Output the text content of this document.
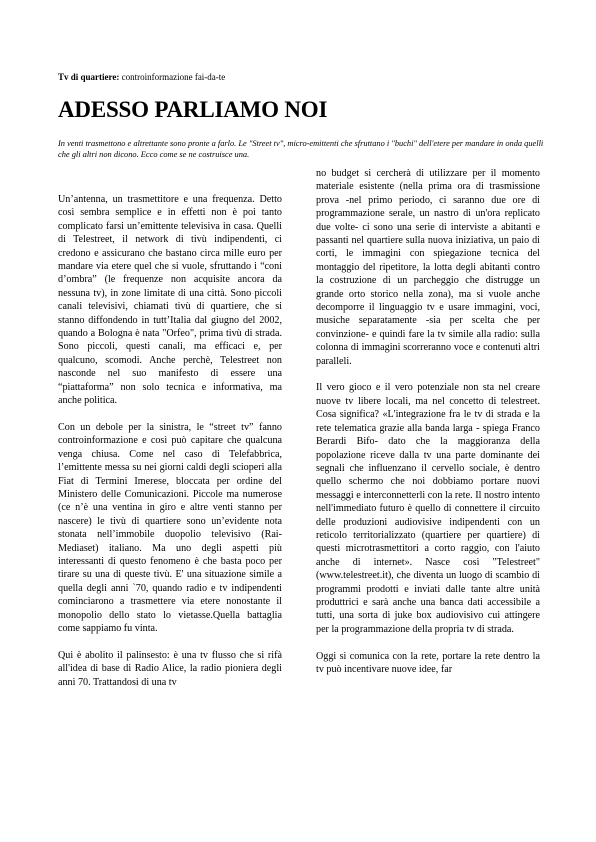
Tv di quartiere: controinformazione fai-da-te
ADESSO PARLIAMO NOI

In venti trasmettono e altrettante sono pronte a farlo. Le "Street tv", micro-emittenti che sfruttano i "buchi" dell'etere per mandare in onda quelli che gli altri non dicono. Ecco come se ne costruisce una.

Un’antenna, un trasmettitore e una frequenza. Detto così sembra semplice e in effetti non è poi tanto complicato farsi un’emittente televisiva in casa. Quelli di Telestreet, il network di tivù indipendenti, ci credono e assicurano che bastano circa mille euro per mandare via etere quel che si vuole, sfruttando i “coni d’ombra” (le frequenze non acquisite ancora da nessuna tv), in zone limitate di una città. Sono piccoli canali televisivi, chiamati tivù di quartiere, che si stanno diffondendo in tutt’Italia dal giugno del 2002, quando a Bologna è nata "Orfeo", prima tivù di strada. Sono piccoli, questi canali, ma efficaci e, per qualcuno, scomodi. Anche perchè, Telestreet non nasconde nel suo manifesto di essere una “piattaforma” non solo tecnica e informativa, ma anche politica.

Con un debole per la sinistra, le “street tv” fanno controinformazione e così può capitare che qualcuna venga chiusa. Come nel caso di Telefabbrica, l’emittente messa su nei giorni caldi degli scioperi alla Fiat di Termini Imerese, bloccata per ordine del Ministero delle Comunicazioni. Piccole ma numerose (ce n’è una ventina in giro e altre venti stanno per nascere) le tivù di quartiere sono un’evidente nota stonata nell’immobile duopolio televisivo (Rai-Mediaset) italiano. Ma uno degli aspetti più interessanti di questo fenomeno è che basta poco per tirare su una di queste tivù. E' una situazione simile a quella degli anni `70, quando radio e tv indipendenti cominciarono a trasmettere via etere nonostante il monopolio dello stato lo vietasse.Quella battaglia come sappiamo fu vinta.

Qui è abolito il palinsesto: è una tv flusso che si rifà all'idea di base di Radio Alice, la radio pioniera degli anni 70. Trattandosi di una tv

no budget si cercherà di utilizzare per il momento materiale esistente (nella prima ora di trasmissione prova -nel primo periodo, ci saranno due ore di programmazione serale, un nastro di un'ora replicato due volte- ci sono una serie di interviste a abitanti e passanti nel quartiere sulla nuova iniziativa, un paio di corti, le immagini con spiegazione tecnica del montaggio del ripetitore, la lotta degli abitanti contro la costruzione di un parcheggio che distrugge un grande orto storico nella zona), ma si vuole anche decomporre il linguaggio tv e usare immagini, voci, musiche separatamente -sia per scelta che per convinzione- e quindi fare la tv simile alla radio: sulla colonna di immagini scorreranno voce e contenuti altri paralleli.

Il vero gioco e il vero potenziale non sta nel creare nuove tv libere locali, ma nel concetto di telestreet. Cosa significa? «L'integrazione fra le tv di strada e la rete telematica grazie alla banda larga - spiega Franco Berardi Bifo- dato che la maggioranza della popolazione riceve dalla tv una parte dominante dei segnali che influenzano il cervello sociale, è dentro quello schermo che noi dobbiamo portare nuovi messaggi e interconnetterli con la rete. Il nostro intento nell'immediato futuro è quello di connettere il circuito delle produzioni audiovisive indipendenti con un reticolo territorializzato (quartiere per quartiere) di questi microtrasmettitori a corto raggio, con l'aiuto anche di internet». Nasce così "Telestreet" (www.telestreet.it), che diventa un luogo di scambio di programmi prodotti e inviati dalle tante altre unità produttrici e sarà anche una banca dati accessibile a tutti, una sorta di juke box audiovisivo cui attingere per la programmazione della propria tv di strada.

Oggi si comunica con la rete, portare la rete dentro la tv può incentivare nuove idee, far
